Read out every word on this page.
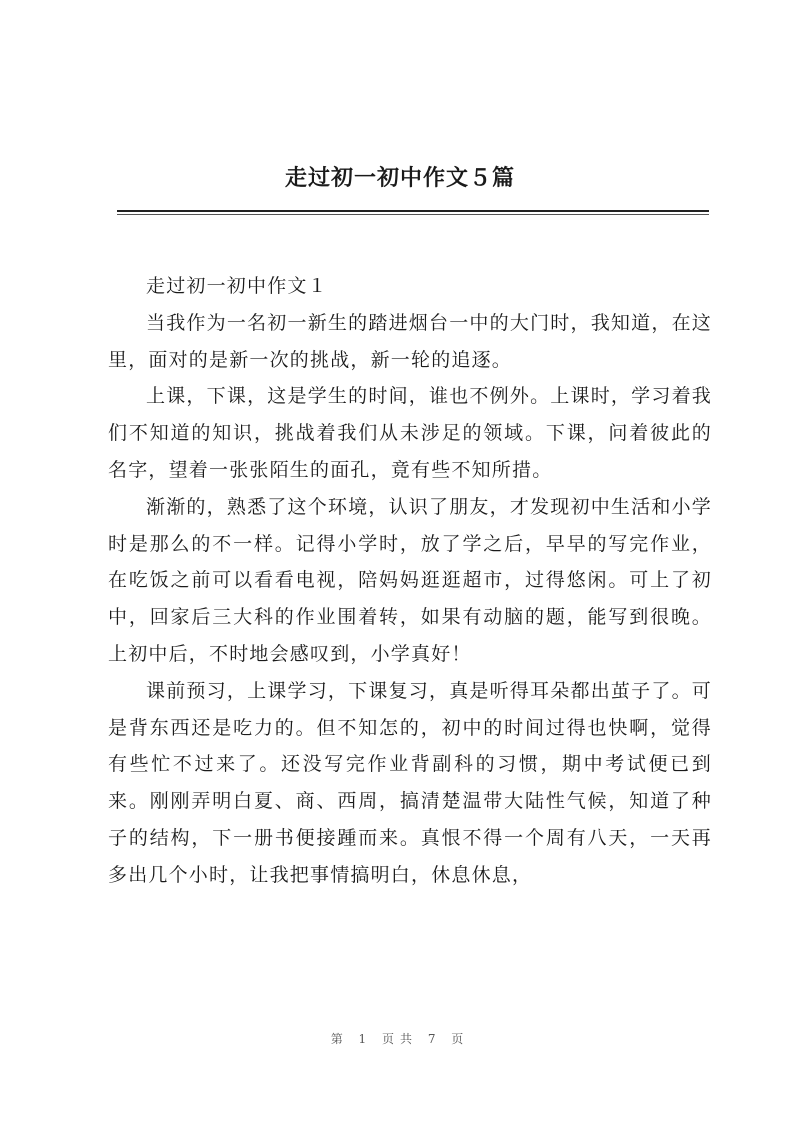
走过初一初中作文５篇

走过初一初中作文１

当我作为一名初一新生的踏进烟台一中的大门时，我知道，在这里，面对的是新一次的挑战，新一轮的追逐。

上课，下课，这是学生的时间，谁也不例外。上课时，学习着我们不知道的知识，挑战着我们从未涉足的领域。下课，问着彼此的名字，望着一张张陌生的面孔，竟有些不知所措。

渐渐的，熟悉了这个环境，认识了朋友，才发现初中生活和小学时是那么的不一样。记得小学时，放了学之后，早早的写完作业，在吃饭之前可以看看电视，陪妈妈逛逛超市，过得悠闲。可上了初中，回家后三大科的作业围着转，如果有动脑的题，能写到很晚。上初中后，不时地会感叹到，小学真好！

课前预习，上课学习，下课复习，真是听得耳朵都出茧子了。可是背东西还是吃力的。但不知怎的，初中的时间过得也快啊，觉得有些忙不过来了。还没写完作业背副科的习惯，期中考试便已到来。刚刚弄明白夏、商、西周，搞清楚温带大陆性气候，知道了种子的结构，下一册书便接踵而来。真恨不得一个周有八天，一天再多出几个小时，让我把事情搞明白，休息休息，

第 1 页共 7 页
